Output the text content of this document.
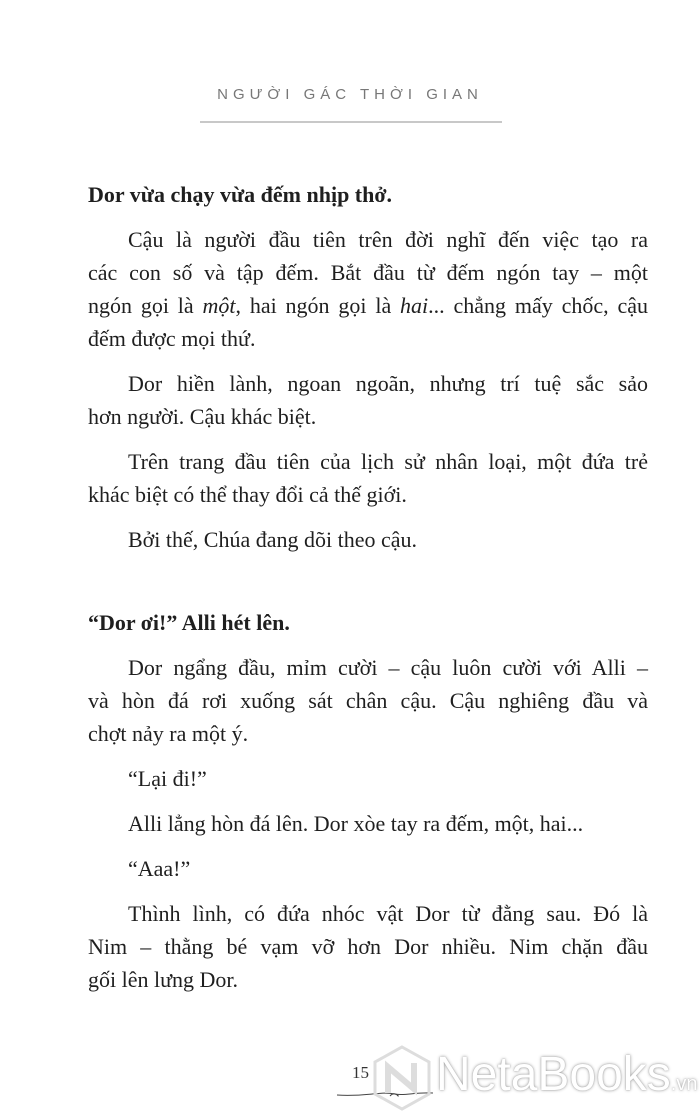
NGƯỜI GÁC THỜI GIAN
Dor vừa chạy vừa đếm nhịp thở.
Cậu là người đầu tiên trên đời nghĩ đến việc tạo ra
các con số và tập đếm. Bắt đầu từ đếm ngón tay – một
ngón gọi là một, hai ngón gọi là hai... chẳng mấy chốc, cậu
đếm được mọi thứ.
Dor hiền lành, ngoan ngoãn, nhưng trí tuệ sắc sảo
hơn người. Cậu khác biệt.
Trên trang đầu tiên của lịch sử nhân loại, một đứa trẻ
khác biệt có thể thay đổi cả thế giới.
Bởi thế, Chúa đang dõi theo cậu.
“Dor ơi!” Alli hét lên.
Dor ngẩng đầu, mỉm cười – cậu luôn cười với Alli –
và hòn đá rơi xuống sát chân cậu. Cậu nghiêng đầu và
chợt nảy ra một ý.
“Lại đi!”
Alli lẳng hòn đá lên. Dor xòe tay ra đếm, một, hai...
“Aaa!”
Thình lình, có đứa nhóc vật Dor từ đằng sau. Đó là
Nim – thằng bé vạm vỡ hơn Dor nhiều. Nim chặn đầu
gối lên lưng Dor.
15 NetaBooks.vn
